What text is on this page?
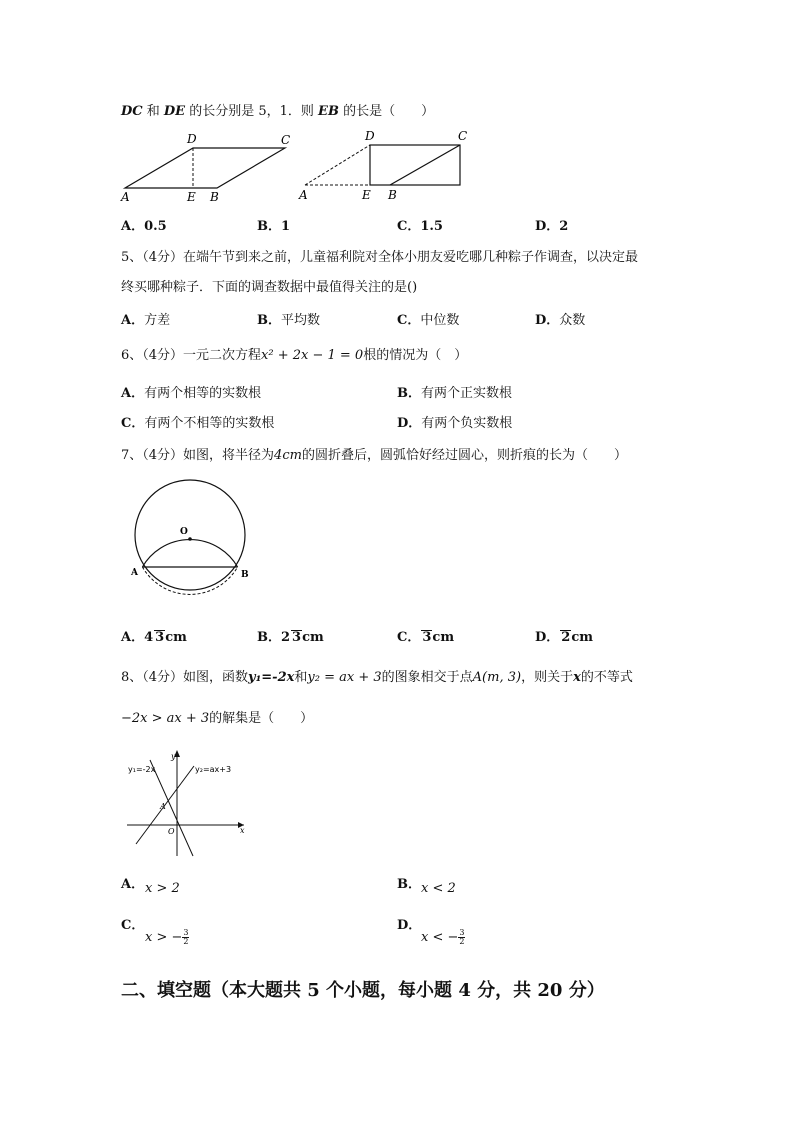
DC 和 DE 的长分别是 5，1．则 EB 的长是（　　）
D	C
A	E B
D	C
A	E B
A．0.5	B．1	C．1.5	D．2
5、（4分）在端午节到来之前，儿童福利院对全体小朋友爱吃哪几种粽子作调查，以决定最
终买哪种粽子．下面的调查数据中最值得关注的是()
A．方差	B．平均数	C．中位数	D．众数
6、（4分）一元二次方程x² + 2x − 1 = 0根的情况为（　）
A．有两个相等的实数根	B．有两个正实数根
C．有两个不相等的实数根	D．有两个负实数根
7、（4分）如图，将半径为4cm的圆折叠后，圆弧恰好经过圆心，则折痕的长为（　　）
O
A	B
A．4 3cm	B．2 3cm	C． 3cm	D． 2cm
8、（4分）如图，函数y₁=-2x和y₂ = ax + 3的图象相交于点A(m, 3)，则关于x的不等式
−2x > ax + 3的解集是（　　）
y₁=-2x	y₂=ax+3
y
x
A
O
A． x > 2	B． x < 2
C．
x > − $\frac{3}{2}$
D．
x < − $\frac{3}{2}$
二、填空题（本大题共 5 个小题，每小题 4 分，共 20 分）
